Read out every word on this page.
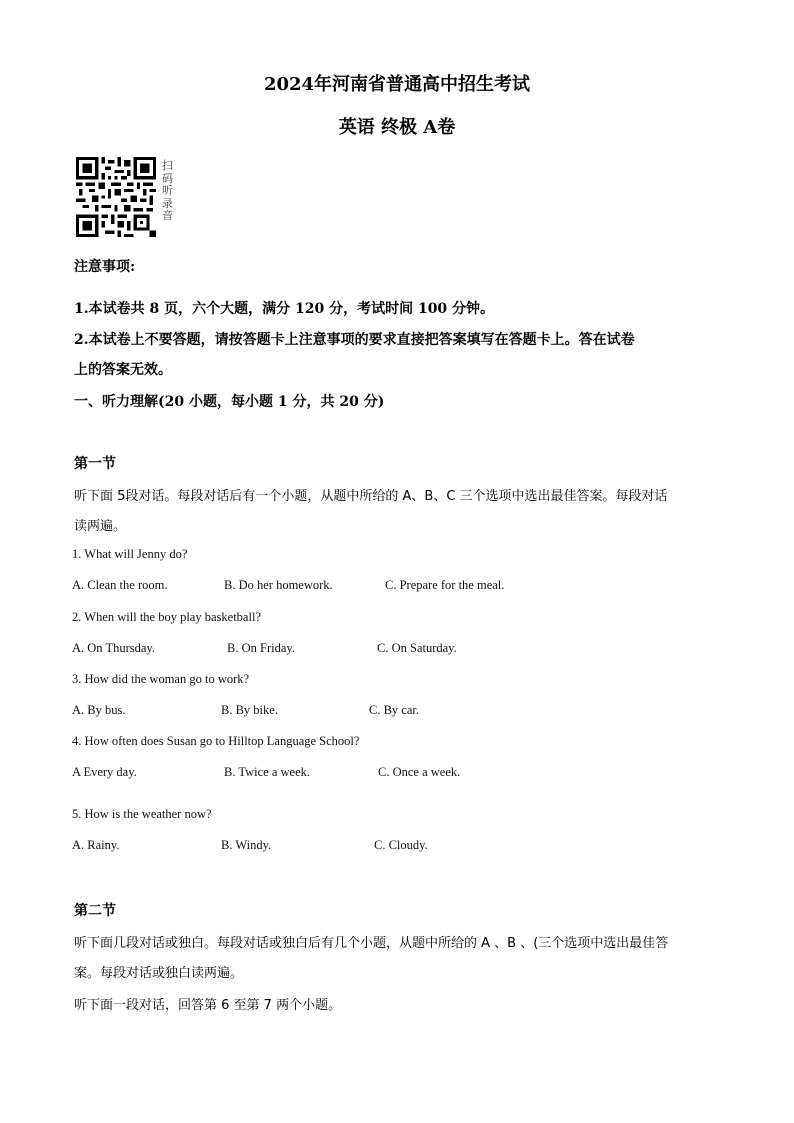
2024年河南省普通高中招生考试
英语 终极 A卷
扫码听录音
注意事项:
1.本试卷共 8 页，六个大题，满分 120 分，考试时间 100 分钟。
2.本试卷上不要答题，请按答题卡上注意事项的要求直接把答案填写在答题卡上。答在试卷
上的答案无效。
一、听力理解(20 小题，每小题 1 分，共 20 分)
第一节
听下面 5段对话。每段对话后有一个小题，从题中所给的 A、B、C 三个选项中选出最佳答案。每段对话
读两遍。
1. What will Jenny do?
A. Clean the room.	B. Do her homework.	C. Prepare for the meal.
2. When will the boy play basketball?
A. On Thursday.	B. On Friday.	C. On Saturday.
3. How did the woman go to work?
A. By bus.	B. By bike.	C. By car.
4. How often does Susan go to Hilltop Language School?
A Every day.	B. Twice a week.	C. Once a week.
5. How is the weather now?
A. Rainy.	B. Windy.	C. Cloudy.
第二节
听下面几段对话或独白。每段对话或独白后有几个小题，从题中所给的 A 、B 、(三个选项中选出最佳答
案。每段对话或独白读两遍。
听下面一段对话，回答第 6 至第 7 两个小题。
